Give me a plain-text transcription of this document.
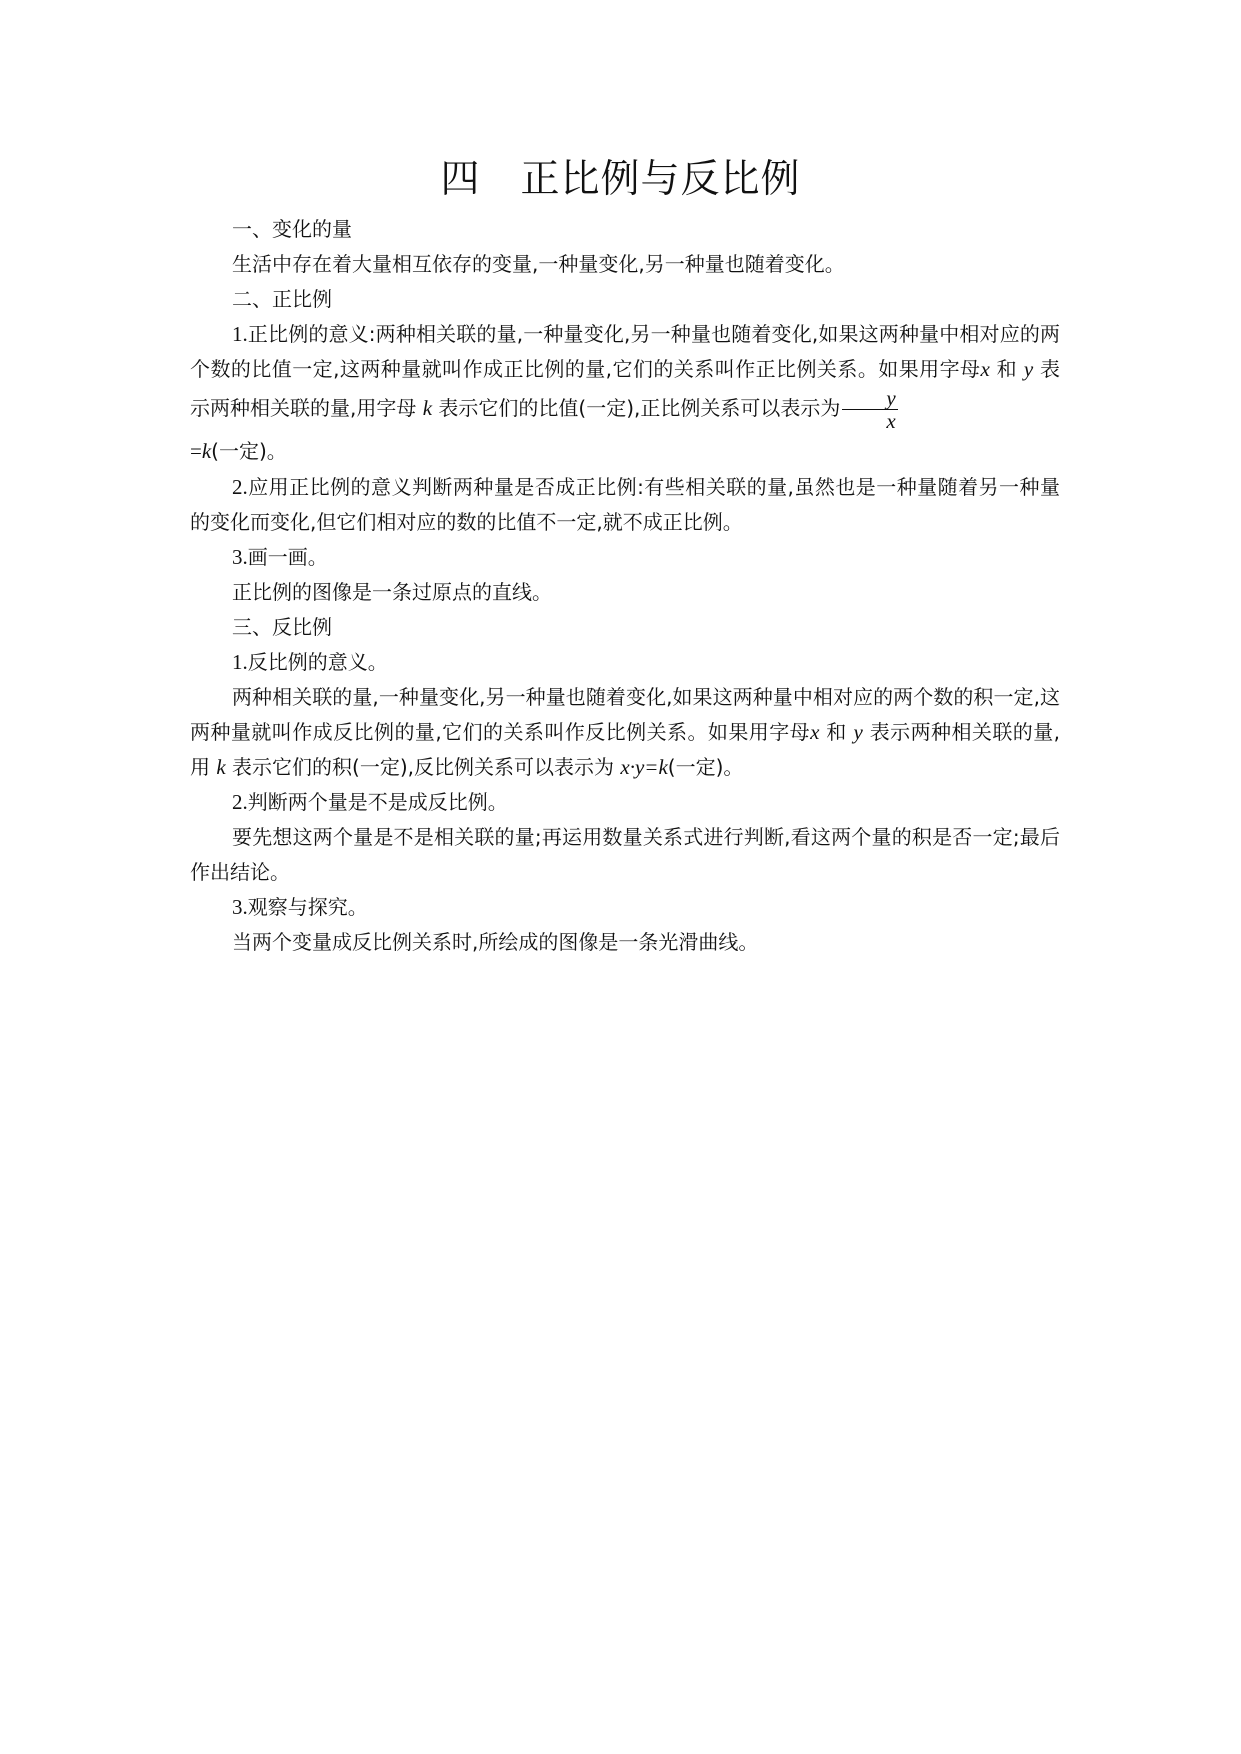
四 正比例与反比例

一、变化的量

生活中存在着大量相互依存的变量,一种量变化,另一种量也随着变化。

二、正比例

1.正比例的意义:两种相关联的量,一种量变化,另一种量也随着变化,如果这两种量中相对应的两个数的比值一定,这两种量就叫作成正比例的量,它们的关系叫作正比例关系。如果用字母x 和 y 表示两种相关联的量,用字母 k 表示它们的比值(一定),正比例关系可以表示为 $\frac{y}{x}$
=k(一定)。

2.应用正比例的意义判断两种量是否成正比例:有些相关联的量,虽然也是一种量随着另一种量的变化而变化,但它们相对应的数的比值不一定,就不成正比例。

3.画一画。

正比例的图像是一条过原点的直线。

三、反比例

1.反比例的意义。

两种相关联的量,一种量变化,另一种量也随着变化,如果这两种量中相对应的两个数的积一定,这两种量就叫作成反比例的量,它们的关系叫作反比例关系。如果用字母x 和 y 表示两种相关联的量,用 k 表示它们的积(一定),反比例关系可以表示为 x·y=k(一定)。

2.判断两个量是不是成反比例。

要先想这两个量是不是相关联的量;再运用数量关系式进行判断,看这两个量的积是否一定;最后作出结论。

3.观察与探究。

当两个变量成反比例关系时,所绘成的图像是一条光滑曲线。
